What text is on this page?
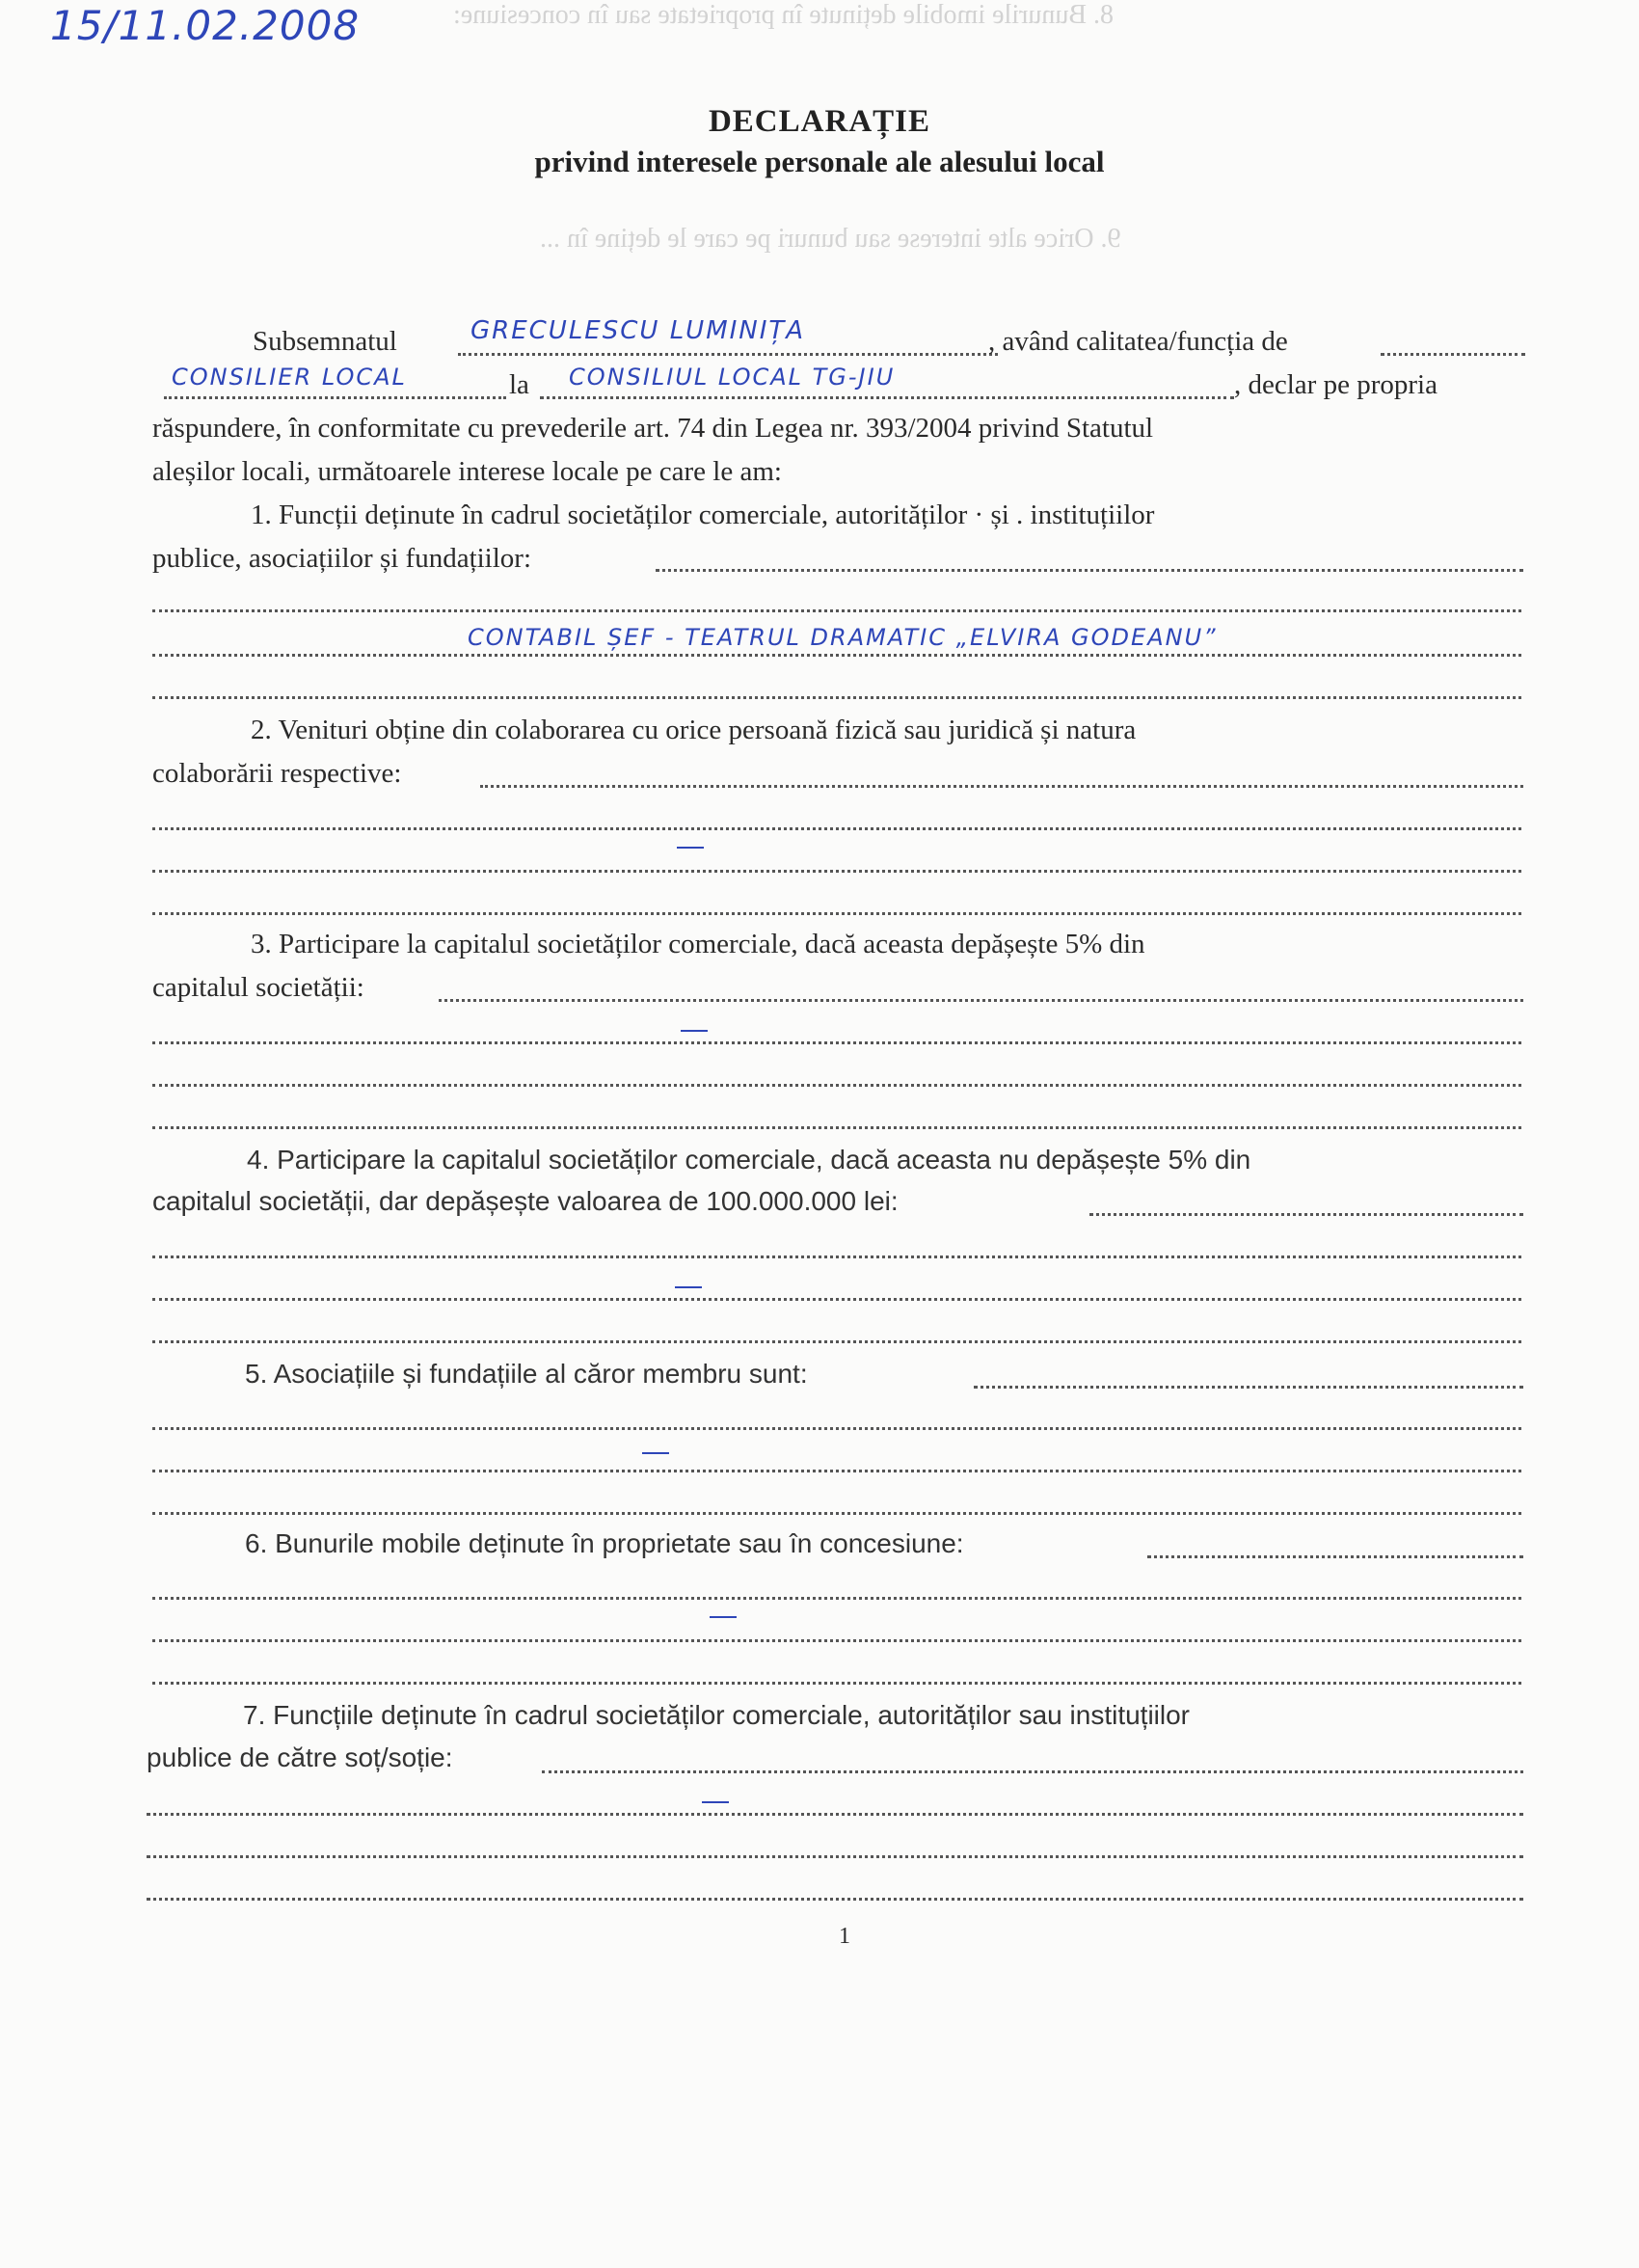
8. Bunurile imobile deținute în proprietate sau în concesiune:
9. Orice alte interese sau bunuri pe care le deține în ...
15/11.02.2008
DECLARAȚIE
privind interesele personale ale alesului local
Subsemnatul	GRECULESCU LUMINIȚA	, având calitatea/funcția de
CONSILIER LOCAL	la CONSILIUL LOCAL TG-JIU	, declar pe propria
răspundere, în conformitate cu prevederile art. 74 din Legea nr. 393/2004 privind Statutul
aleșilor locali, următoarele interese locale pe care le am:
1. Funcții deținute în cadrul societăților comerciale, autorităților · și . instituțiilor
publice, asociațiilor și fundațiilor:
CONTABIL ȘEF - TEATRUL DRAMATIC „ELVIRA GODEANU”
2. Venituri obține din colaborarea cu orice persoană fizică sau juridică și natura
colaborării respective:
3. Participare la capitalul societăților comerciale, dacă aceasta depășește 5% din
capitalul societății:
4. Participare la capitalul societăților comerciale, dacă aceasta nu depășește 5% din
capitalul societății, dar depășește valoarea de 100.000.000 lei:
5. Asociațiile și fundațiile al căror membru sunt:
6. Bunurile mobile deținute în proprietate sau în concesiune:
7. Funcțiile deținute în cadrul societăților comerciale, autorităților sau instituțiilor
publice de către soț/soție:
1
